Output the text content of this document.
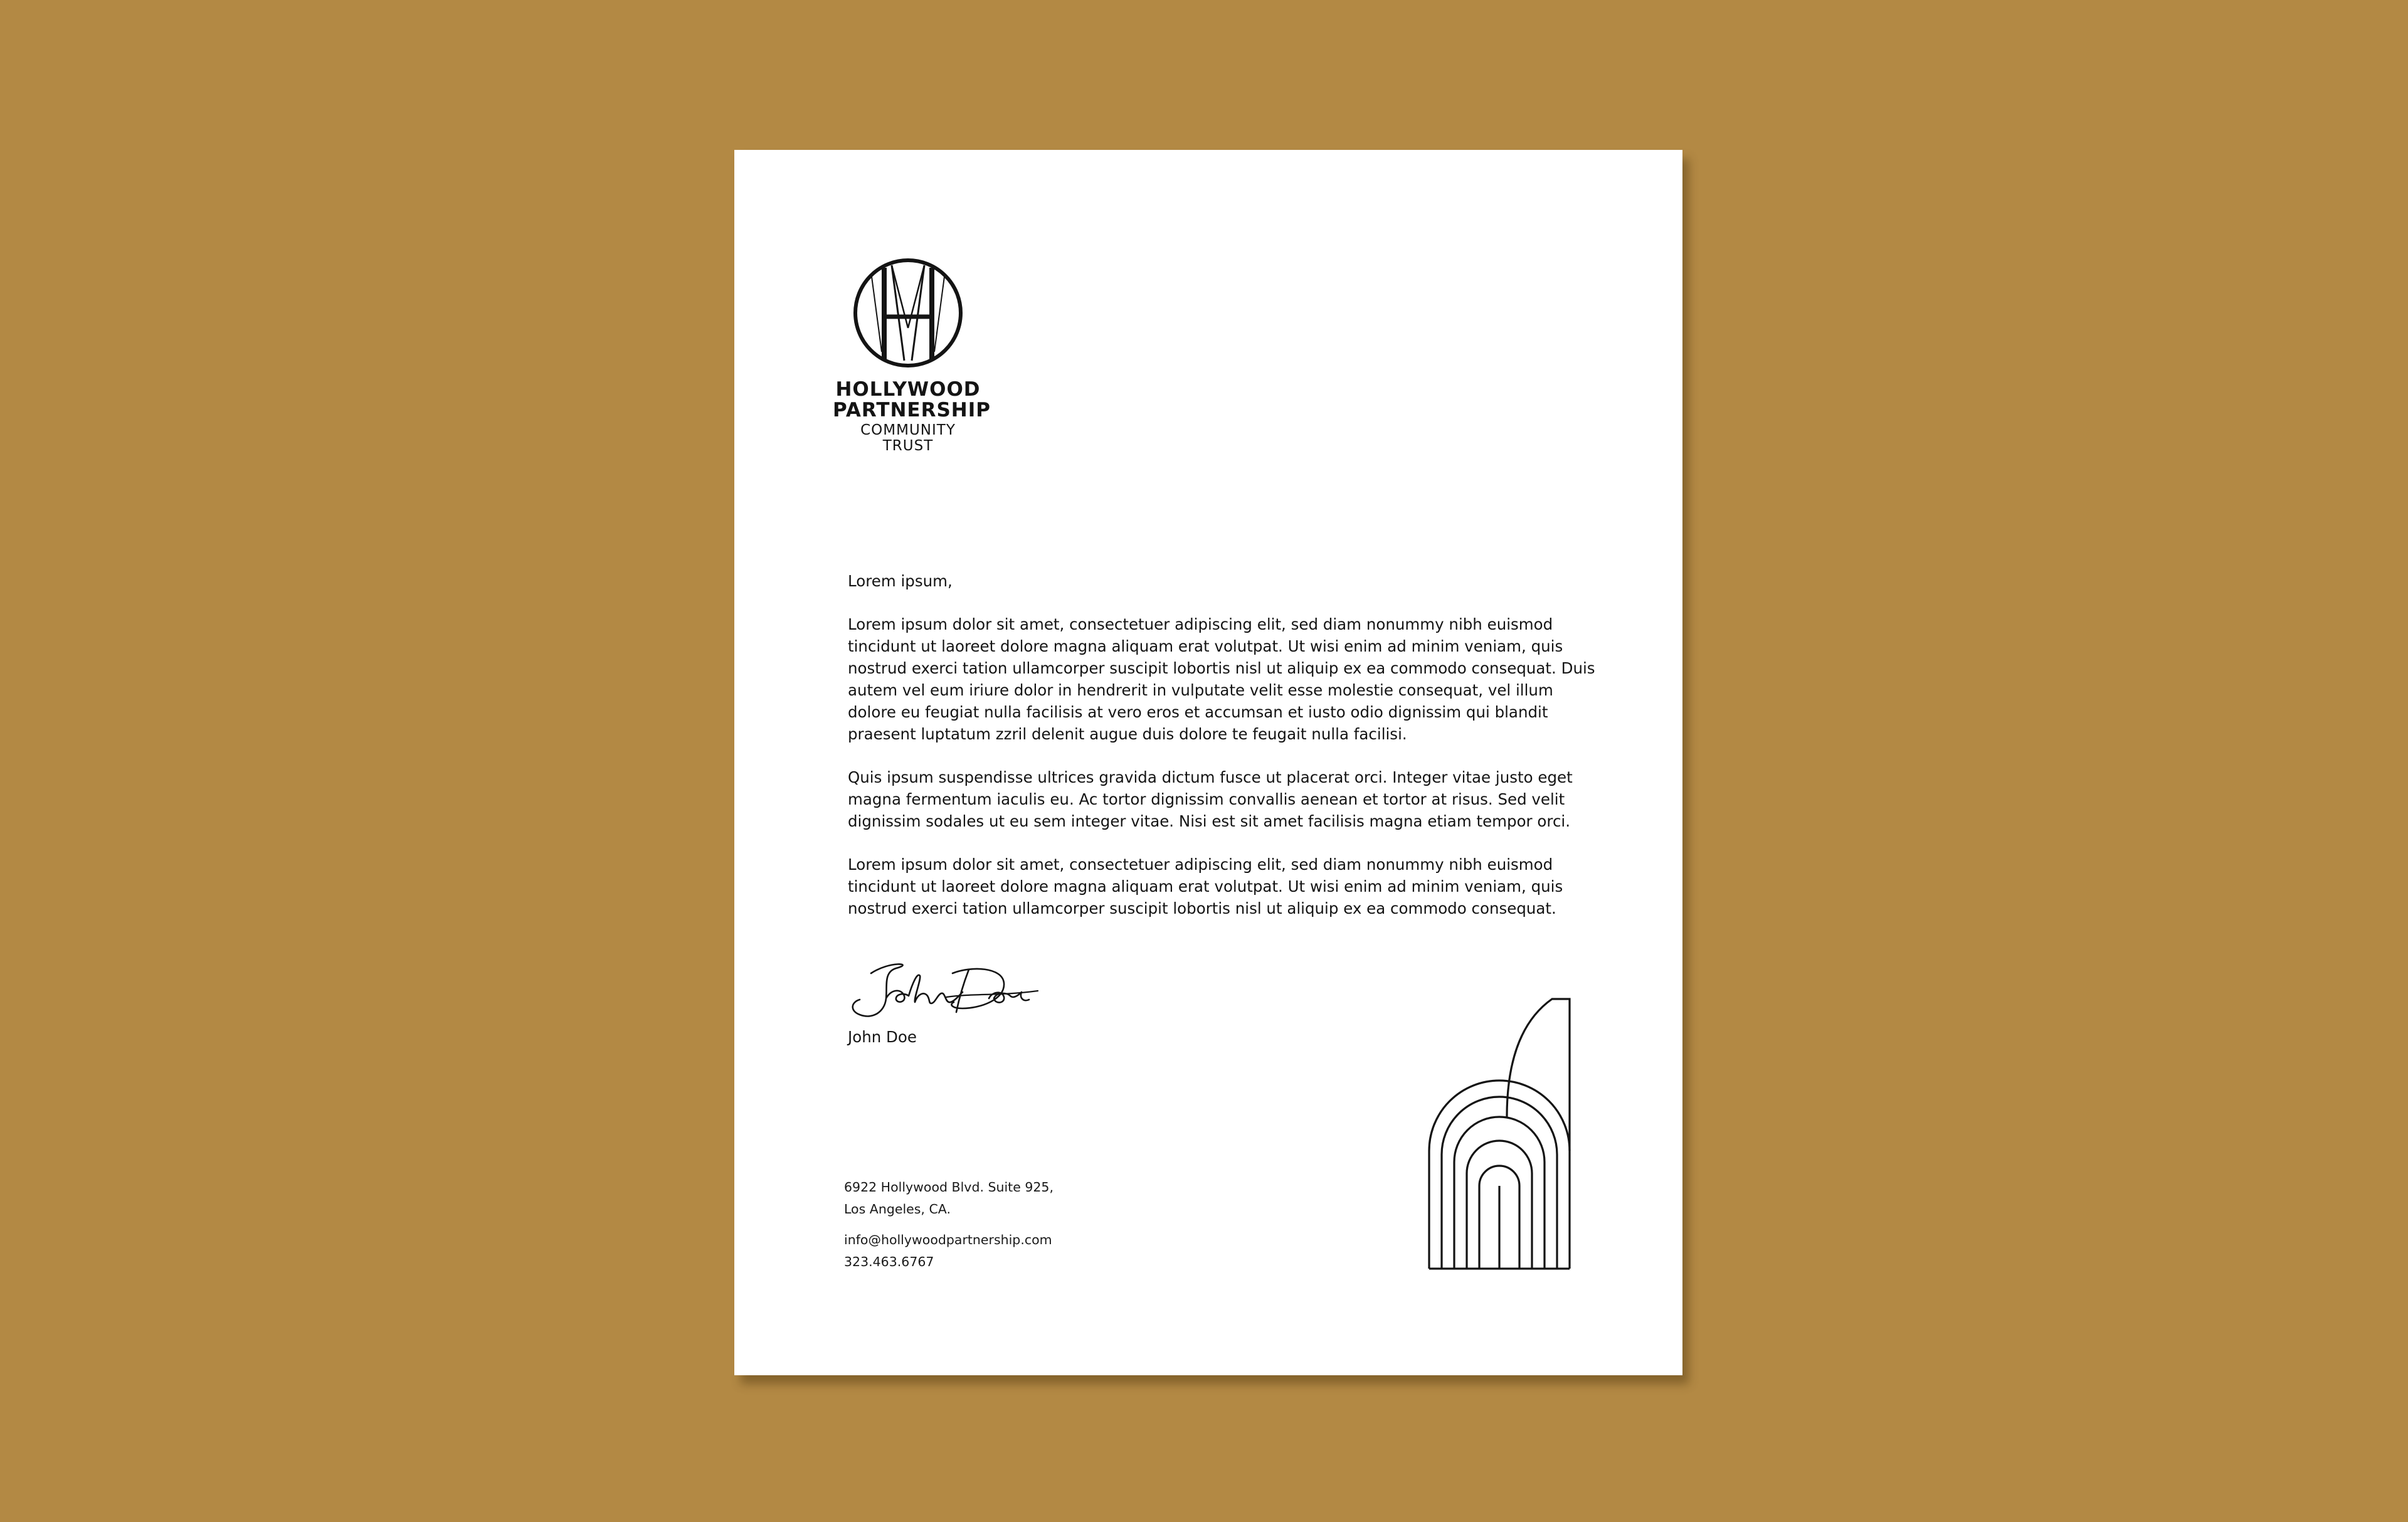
HOLLYWOOD
PARTNERSHIP
COMMUNITY TRUST

Lorem ipsum,

Lorem ipsum dolor sit amet, consectetuer adipiscing elit, sed diam nonummy nibh euismod tincidunt ut laoreet dolore magna aliquam erat volutpat. Ut wisi enim ad minim veniam, quis nostrud exerci tation ullamcorper suscipit lobortis nisl ut aliquip ex ea commodo consequat. Duis autem vel eum iriure dolor in hendrerit in vulputate velit esse molestie consequat, vel illum dolore eu feugiat nulla facilisis at vero eros et accumsan et iusto odio dignissim qui blandit praesent luptatum zzril delenit augue duis dolore te feugait nulla facilisi.

Quis ipsum suspendisse ultrices gravida dictum fusce ut placerat orci. Integer vitae justo eget magna fermentum iaculis eu. Ac tortor dignissim convallis aenean et tortor at risus. Sed velit dignissim sodales ut eu sem integer vitae. Nisi est sit amet facilisis magna etiam tempor orci.

Lorem ipsum dolor sit amet, consectetuer adipiscing elit, sed diam nonummy nibh euismod tincidunt ut laoreet dolore magna aliquam erat volutpat. Ut wisi enim ad minim veniam, quis nostrud exerci tation ullamcorper suscipit lobortis nisl ut aliquip ex ea commodo consequat.

John Doe
6922 Hollywood Blvd. Suite 925,
Los Angeles, CA.
info@hollywoodpartnership.com
323.463.6767
